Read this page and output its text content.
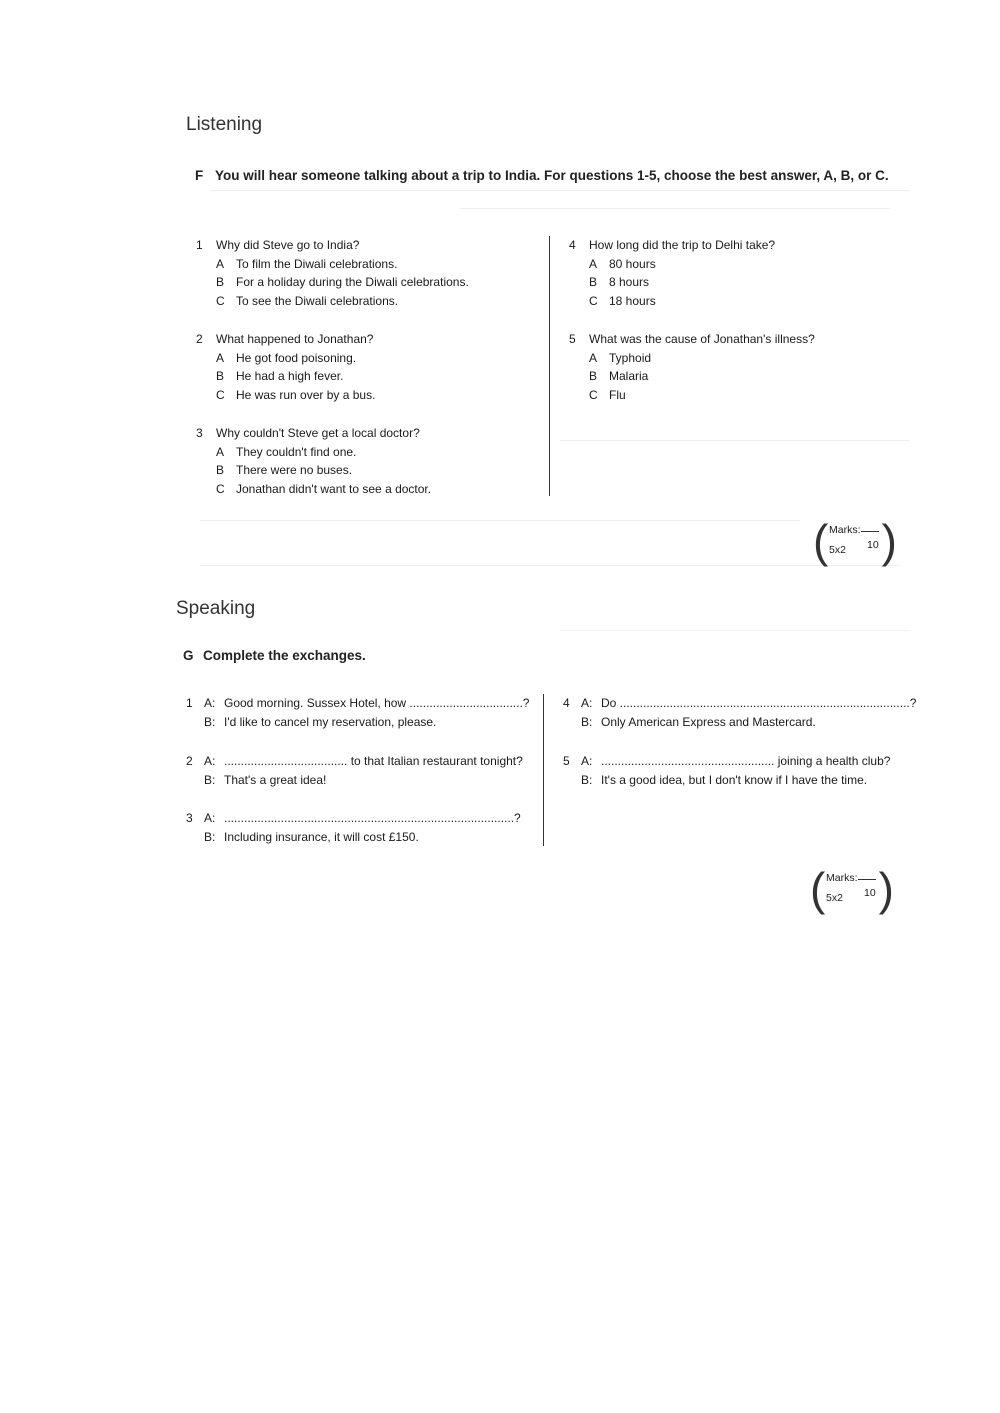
Listening
F You will hear someone talking about a trip to India. For questions 1-5, choose the best answer, A, B, or C.
1 Why did Steve go to India?
A To film the Diwali celebrations.
B For a holiday during the Diwali celebrations.
C To see the Diwali celebrations.
2 What happened to Jonathan?
A He got food poisoning.
B He had a high fever.
C He was run over by a bus.
3 Why couldn't Steve get a local doctor?
A They couldn't find one.
B There were no buses.
C Jonathan didn't want to see a doctor.
4 How long did the trip to Delhi take?
A 80 hours
B 8 hours
C 18 hours
5 What was the cause of Jonathan's illness?
A Typhoid
B Malaria
C Flu
( Marks:
5x2 10 )
Speaking
G Complete the exchanges.
1 A: Good morning. Sussex Hotel, how ..................................?
B: I'd like to cancel my reservation, please.
2 A: ..................................... to that Italian restaurant tonight?
B: That's a great idea!
3 A: .......................................................................................?
B: Including insurance, it will cost £150.
4 A: Do .......................................................................................?
B: Only American Express and Mastercard.
5 A: .................................................... joining a health club?
B: It's a good idea, but I don't know if I have the time.
( Marks:
5x2 10 )
